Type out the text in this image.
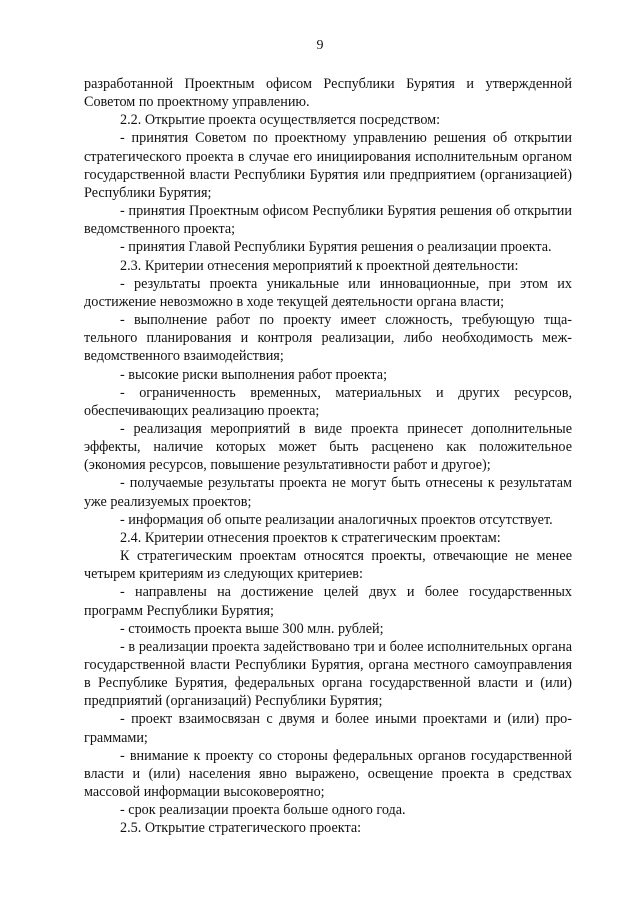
9

разработанной Проектным офисом Республики Бурятия и утвержденной Советом по проектному управлению.

2.2. Открытие проекта осуществляется посредством:

- принятия Советом по проектному управлению решения об открытии стратегического проекта в случае его инициирования исполнительным органом государственной власти Республики Бурятия или предприятием (организацией) Республики Бурятия;

- принятия Проектным офисом Республики Бурятия решения об открытии ведомственного проекта;

- принятия Главой Республики Бурятия решения о реализации проекта.

2.3. Критерии отнесения мероприятий к проектной деятельности:

- результаты проекта уникальные или инновационные, при этом их достижение невозможно в ходе текущей деятельности органа власти;

- выполнение работ по проекту имеет сложность, требующую тщательного планирования и контроля реализации, либо необходимость межведомственного взаимодействия;

- высокие риски выполнения работ проекта;

- ограниченность временных, материальных и других ресурсов, обеспечивающих реализацию проекта;

- реализация мероприятий в виде проекта принесет дополнительные эффекты, наличие которых может быть расценено как положительное (экономия ресурсов, повышение результативности работ и другое);

- получаемые результаты проекта не могут быть отнесены к результатам уже реализуемых проектов;

- информация об опыте реализации аналогичных проектов отсутствует.

2.4. Критерии отнесения проектов к стратегическим проектам:

К стратегическим проектам относятся проекты, отвечающие не менее четырем критериям из следующих критериев:

- направлены на достижение целей двух и более государственных программ Республики Бурятия;

- стоимость проекта выше 300 млн. рублей;

- в реализации проекта задействовано три и более исполнительных органа государственной власти Республики Бурятия, органа местного самоуправления в Республике Бурятия, федеральных органа государственной власти и (или) предприятий (организаций) Республики Бурятия;

- проект взаимосвязан с двумя и более иными проектами и (или) программами;

- внимание к проекту со стороны федеральных органов государственной власти и (или) населения явно выражено, освещение проекта в средствах массовой информации высоковероятно;

- срок реализации проекта больше одного года.

2.5. Открытие стратегического проекта:
